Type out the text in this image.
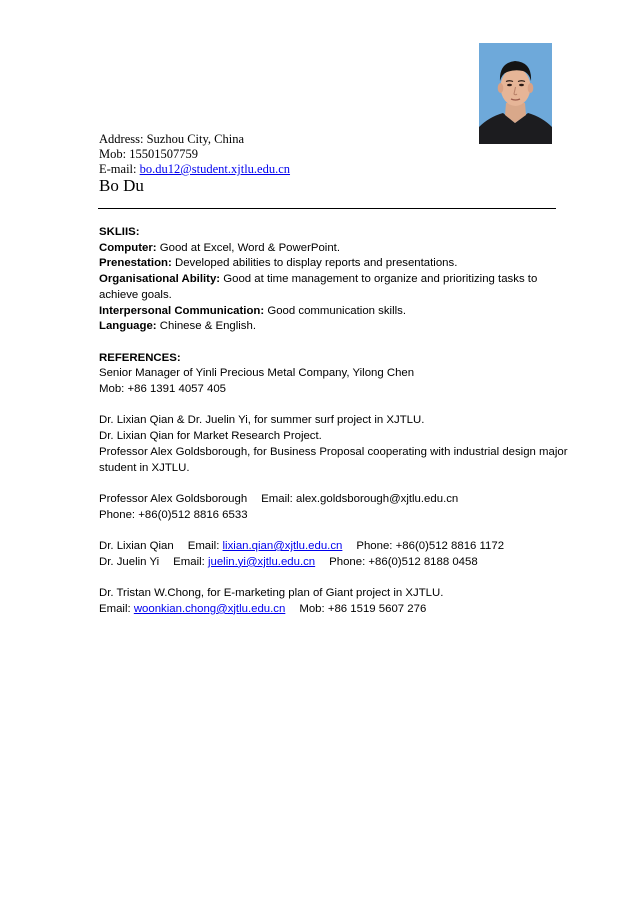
Address: Suzhou City, China
Mob: 15501507759
E-mail: bo.du12@student.xjtlu.edu.cn
Bo Du
SKLIIS:
Computer: Good at Excel, Word & PowerPoint.
Prenestation: Developed abilities to display reports and presentations.
Organisational Ability: Good at time management to organize and prioritizing tasks to
achieve goals.
Interpersonal Communication: Good communication skills.
Language: Chinese & English.
REFERENCES:
Senior Manager of Yinli Precious Metal Company, Yilong Chen
Mob: +86 1391 4057 405
Dr. Lixian Qian & Dr. Juelin Yi, for summer surf project in XJTLU.
Dr. Lixian Qian for Market Research Project.
Professor Alex Goldsborough, for Business Proposal cooperating with industrial design major
student in XJTLU.
Professor Alex Goldsborough Email: alex.goldsborough@xjtlu.edu.cn
Phone: +86(0)512 8816 6533
Dr. Lixian Qian Email: lixian.qian@xjtlu.edu.cn Phone: +86(0)512 8816 1172
Dr. Juelin Yi Email: juelin.yi@xjtlu.edu.cn Phone: +86(0)512 8188 0458
Dr. Tristan W.Chong, for E-marketing plan of Giant project in XJTLU.
Email: woonkian.chong@xjtlu.edu.cn Mob: +86 1519 5607 276
